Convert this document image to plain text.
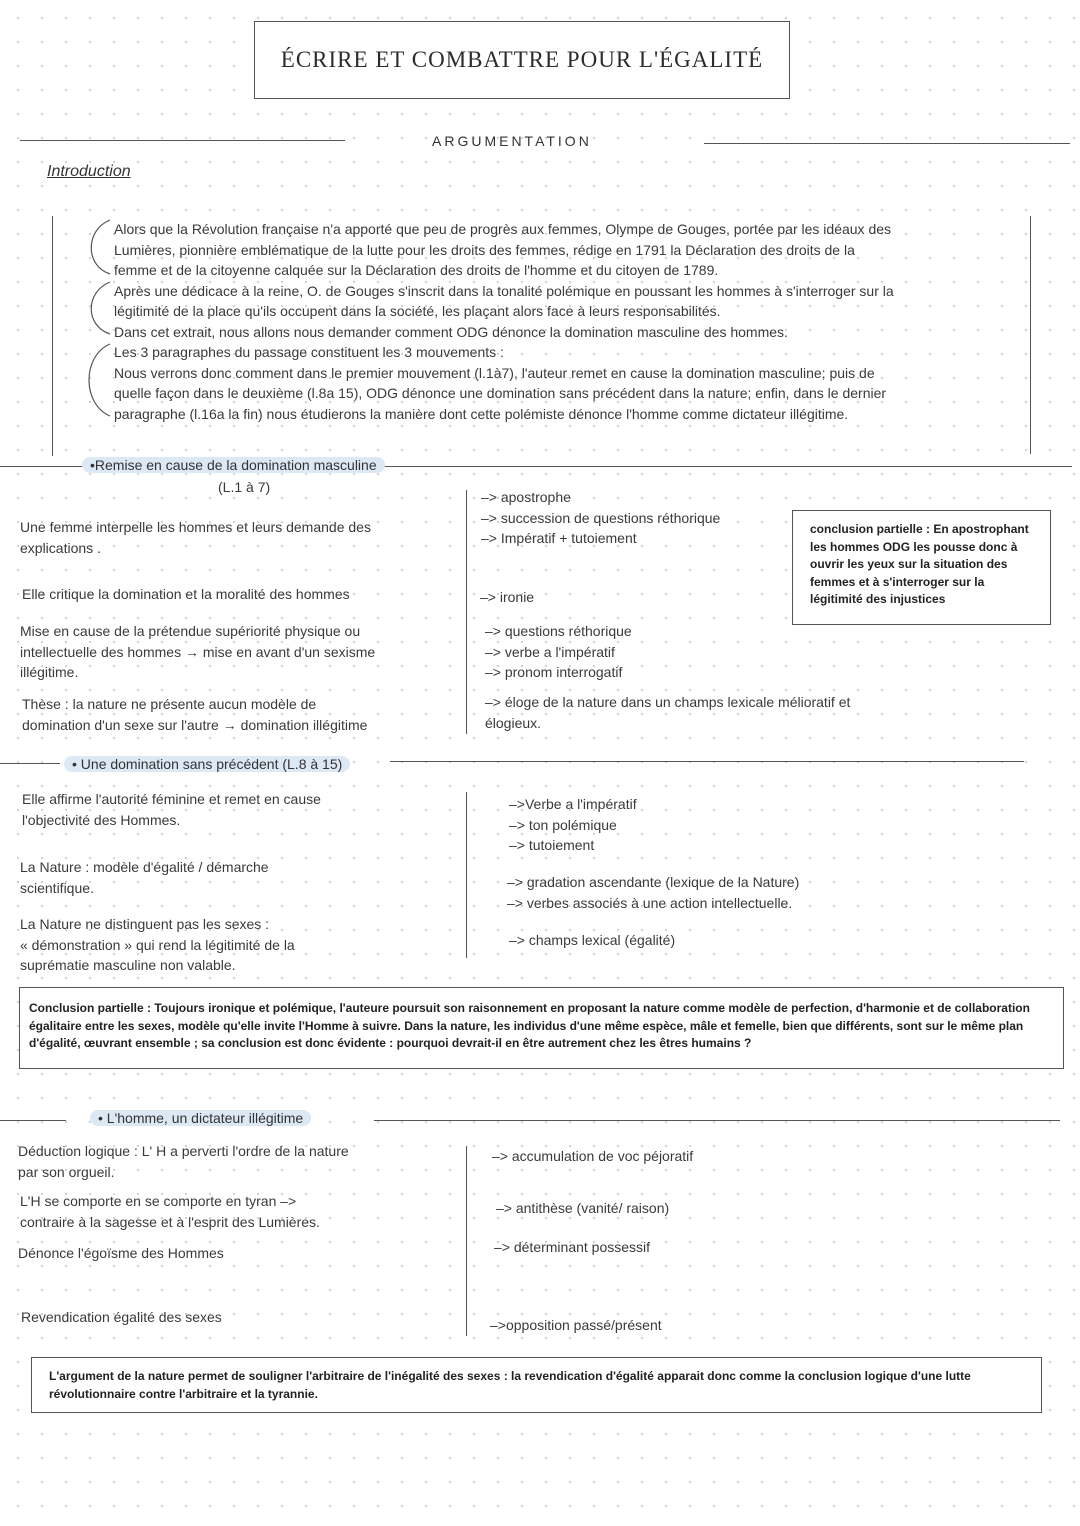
ÉCRIRE ET COMBATTRE POUR L'ÉGALITÉ
ARGUMENTATION
Introduction
Alors que la Révolution française n'a apporté que peu de progrès aux femmes, Olympe de Gouges, portée par les idéaux des
Lumières, pionnière emblématique de la lutte pour les droits des femmes, rédige en 1791 la Déclaration des droits de la
femme et de la citoyenne calquée sur la Déclaration des droits de l'homme et du citoyen de 1789.
Après une dédicace à la reine, O. de Gouges s'inscrit dans la tonalité polémique en poussant les hommes à s'interroger sur la
légitimité de la place qu'ils occupent dans la société, les plaçant alors face à leurs responsabilités.
Dans cet extrait, nous allons nous demander comment ODG dénonce la domination masculine des hommes.
Les 3 paragraphes du passage constituent les 3 mouvements :
Nous verrons donc comment dans le premier mouvement (l.1à7), l'auteur remet en cause la domination masculine; puis de
quelle façon dans le deuxième (l.8a 15), ODG dénonce une domination sans précédent dans la nature; enfin, dans le dernier
paragraphe (l.16a la fin) nous étudierons la manière dont cette polémiste dénonce l'homme comme dictateur illégitime.
•Remise en cause de la domination masculine
(L.1 à 7)
Une femme interpelle les hommes et leurs demande des
explications .
Elle critique la domination et la moralité des hommes
Mise en cause de la prétendue supériorité physique ou
intellectuelle des hommes → mise en avant d'un sexisme
illégitime.
Thèse : la nature ne présente aucun modèle de
domination d'un sexe sur l'autre → domination illégitime
–> apostrophe
–> succession de questions réthorique
–> Impératif + tutoiement
–> ironie
–> questions réthorique
–> verbe a l'impératif
–> pronom interrogatif
–> éloge de la nature dans un champs lexicale mélioratif et
élogieux.
conclusion partielle : En apostrophant
les hommes ODG les pousse donc à
ouvrir les yeux sur la situation des
femmes et à s'interroger sur la
légitimité des injustices
• Une domination sans précédent (L.8 à 15)
Elle affirme l'autorité féminine et remet en cause
l'objectivité des Hommes.
La Nature : modèle d'égalité / démarche
scientifique.
La Nature ne distinguent pas les sexes :
« démonstration » qui rend la légitimité de la
suprématie masculine non valable.
–>Verbe a l'impératif
–> ton polémique
–> tutoiement
–> gradation ascendante (lexique de la Nature)
–> verbes associés à une action intellectuelle.
–> champs lexical (égalité)
Conclusion partielle : Toujours ironique et polémique, l'auteure poursuit son raisonnement en proposant la nature comme modèle de perfection, d'harmonie et de collaboration égalitaire entre les sexes, modèle qu'elle invite l'Homme à suivre. Dans la nature, les individus d'une même espèce, mâle et femelle, bien que différents, sont sur le même plan d'égalité, œuvrant ensemble ; sa conclusion est donc évidente : pourquoi devrait-il en être autrement chez les êtres humains ?
• L'homme, un dictateur illégitime
Déduction logique : L' H a perverti l'ordre de la nature
par son orgueil.
L'H se comporte en se comporte en tyran –>
contraire à la sagesse et à l'esprit des Lumières.
Dénonce l'égoïsme des Hommes
Revendication égalité des sexes
–> accumulation de voc péjoratif
–> antithèse (vanité/ raison)
–> déterminant possessif
–>opposition passé/présent
L'argument de la nature permet de souligner l'arbitraire de l'inégalité des sexes : la revendication d'égalité apparait donc comme la conclusion logique d'une lutte révolutionnaire contre l'arbitraire et la tyrannie.
